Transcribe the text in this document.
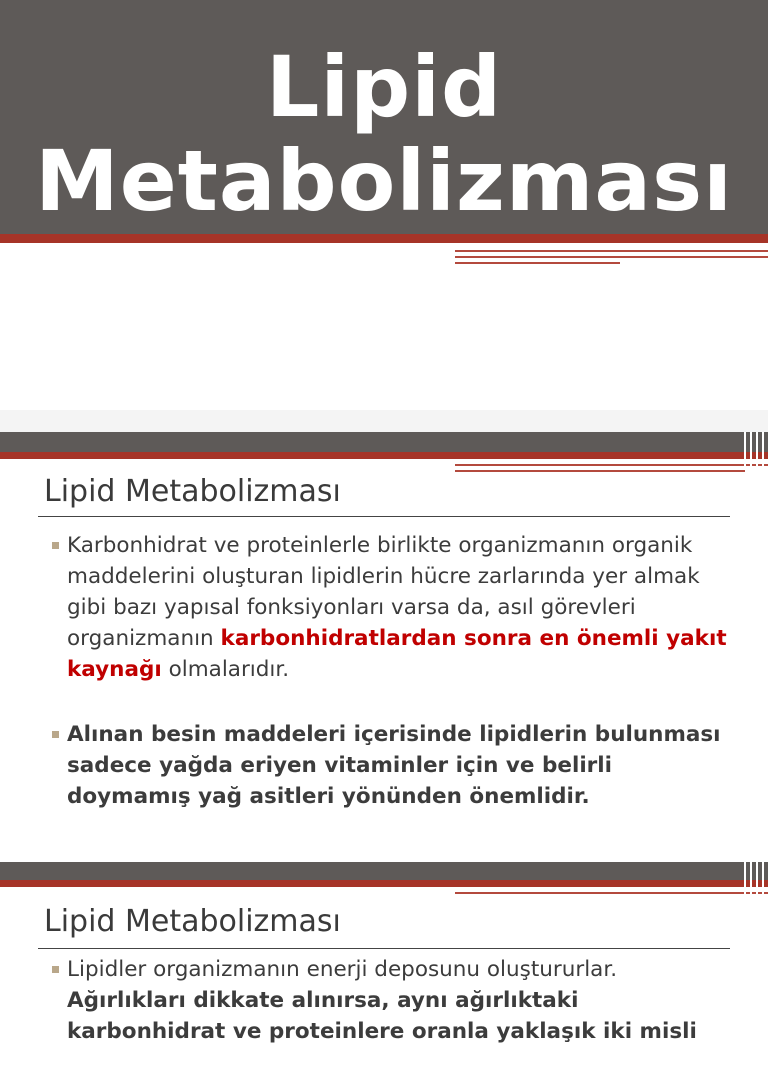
Lipid
Metabolizması
Lipid Metabolizması
Karbonhidrat ve proteinlerle birlikte organizmanın organik maddelerini oluşturan lipidlerin hücre zarlarında yer almak gibi bazı yapısal fonksiyonları varsa da, asıl görevleri organizmanın karbonhidratlardan sonra en önemli yakıt kaynağı olmalarıdır.
Alınan besin maddeleri içerisinde lipidlerin bulunması sadece yağda eriyen vitaminler için ve belirli doymamış yağ asitleri yönünden önemlidir.
Lipid Metabolizması
Lipidler organizmanın enerji deposunu oluştururlar. Ağırlıkları dikkate alınırsa, aynı ağırlıktaki karbonhidrat ve proteinlere oranla yaklaşık iki misli
